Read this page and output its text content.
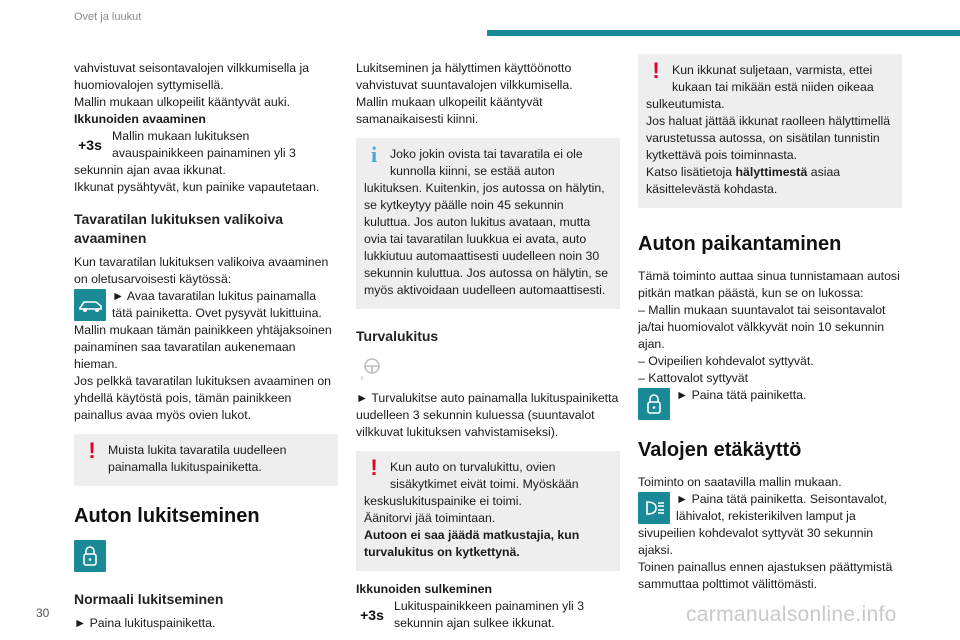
Ovet ja luukut

vahvistuvat seisontavalojen vilkkumisella ja huomiovalojen syttymisellä.

Mallin mukaan ulkopeilit kääntyvät auki.

Ikkunoiden avaaminen

+3s

Mallin mukaan lukituksen avauspainikkeen painaminen yli 3 sekunnin ajan avaa ikkunat.

Ikkunat pysähtyvät, kun painike vapautetaan.

Tavaratilan lukituksen valikoiva avaaminen

Kun tavaratilan lukituksen valikoiva avaaminen on oletusarvoisesti käytössä:

► Avaa tavaratilan lukitus painamalla tätä painiketta. Ovet pysyvät lukittuina.

Mallin mukaan tämän painikkeen yhtäjaksoinen painaminen saa tavaratilan aukenemaan hieman.

Jos pelkkä tavaratilan lukituksen avaaminen on yhdellä käytöstä pois, tämän painikkeen painallus avaa myös ovien lukot.

!	Muista lukita tavaratila uudelleen painamalla lukituspainiketta.

Auton lukitseminen
Normaali lukitseminen

► Paina lukituspainiketta.

Lukitseminen ja hälyttimen käyttöönotto vahvistuvat suuntavalojen vilkkumisella.

Mallin mukaan ulkopeilit kääntyvät samanaikaisesti kiinni.

i	Joko jokin ovista tai tavaratila ei ole kunnolla kiinni, se estää auton lukituksen. Kuitenkin, jos autossa on hälytin, se kytkeytyy päälle noin 45 sekunnin kuluttua. Jos auton lukitus avataan, mutta ovia tai tavaratilan luukkua ei avata, auto lukkiutuu automaattisesti uudelleen noin 30 sekunnin kuluttua. Jos autossa on hälytin, se myös aktivoidaan uudelleen automaattisesti.

Turvalukitus

► Turvalukitse auto painamalla lukituspainiketta uudelleen 3 sekunnin kuluessa (suuntavalot vilkkuvat lukituksen vahvistamiseksi).

!	Kun auto on turvalukittu, ovien sisäkytkimet eivät toimi. Myöskään keskuslukituspainike ei toimi.

Äänitorvi jää toimintaan.

Autoon ei saa jäädä matkustajia, kun turvalukitus on kytkettynä.

Ikkunoiden sulkeminen

+3s

Lukituspainikkeen painaminen yli 3 sekunnin ajan sulkee ikkunat.

!	Kun ikkunat suljetaan, varmista, ettei kukaan tai mikään estä niiden oikeaa sulkeutumista.

Jos haluat jättää ikkunat raolleen hälyttimellä varustetussa autossa, on sisätilan tunnistin kytkettävä pois toiminnasta.

Katso lisätietoja hälyttimestä asiaa käsittelevästä kohdasta.

Auton paikantaminen

Tämä toiminto auttaa sinua tunnistamaan autosi pitkän matkan päästä, kun se on lukossa:

– Mallin mukaan suuntavalot tai seisontavalot ja/tai huomiovalot välkkyvät noin 10 sekunnin ajan.

– Ovipeilien kohdevalot syttyvät.

– Kattovalot syttyvät

► Paina tätä painiketta.

Valojen etäkäyttö

Toiminto on saatavilla mallin mukaan.

► Paina tätä painiketta. Seisontavalot, lähivalot, rekisterikilven lamput ja sivupeilien kohdevalot syttyvät 30 sekunnin ajaksi.

Toinen painallus ennen ajastuksen päättymistä sammuttaa polttimot välittömästi.

30	carmanualsonline.info
